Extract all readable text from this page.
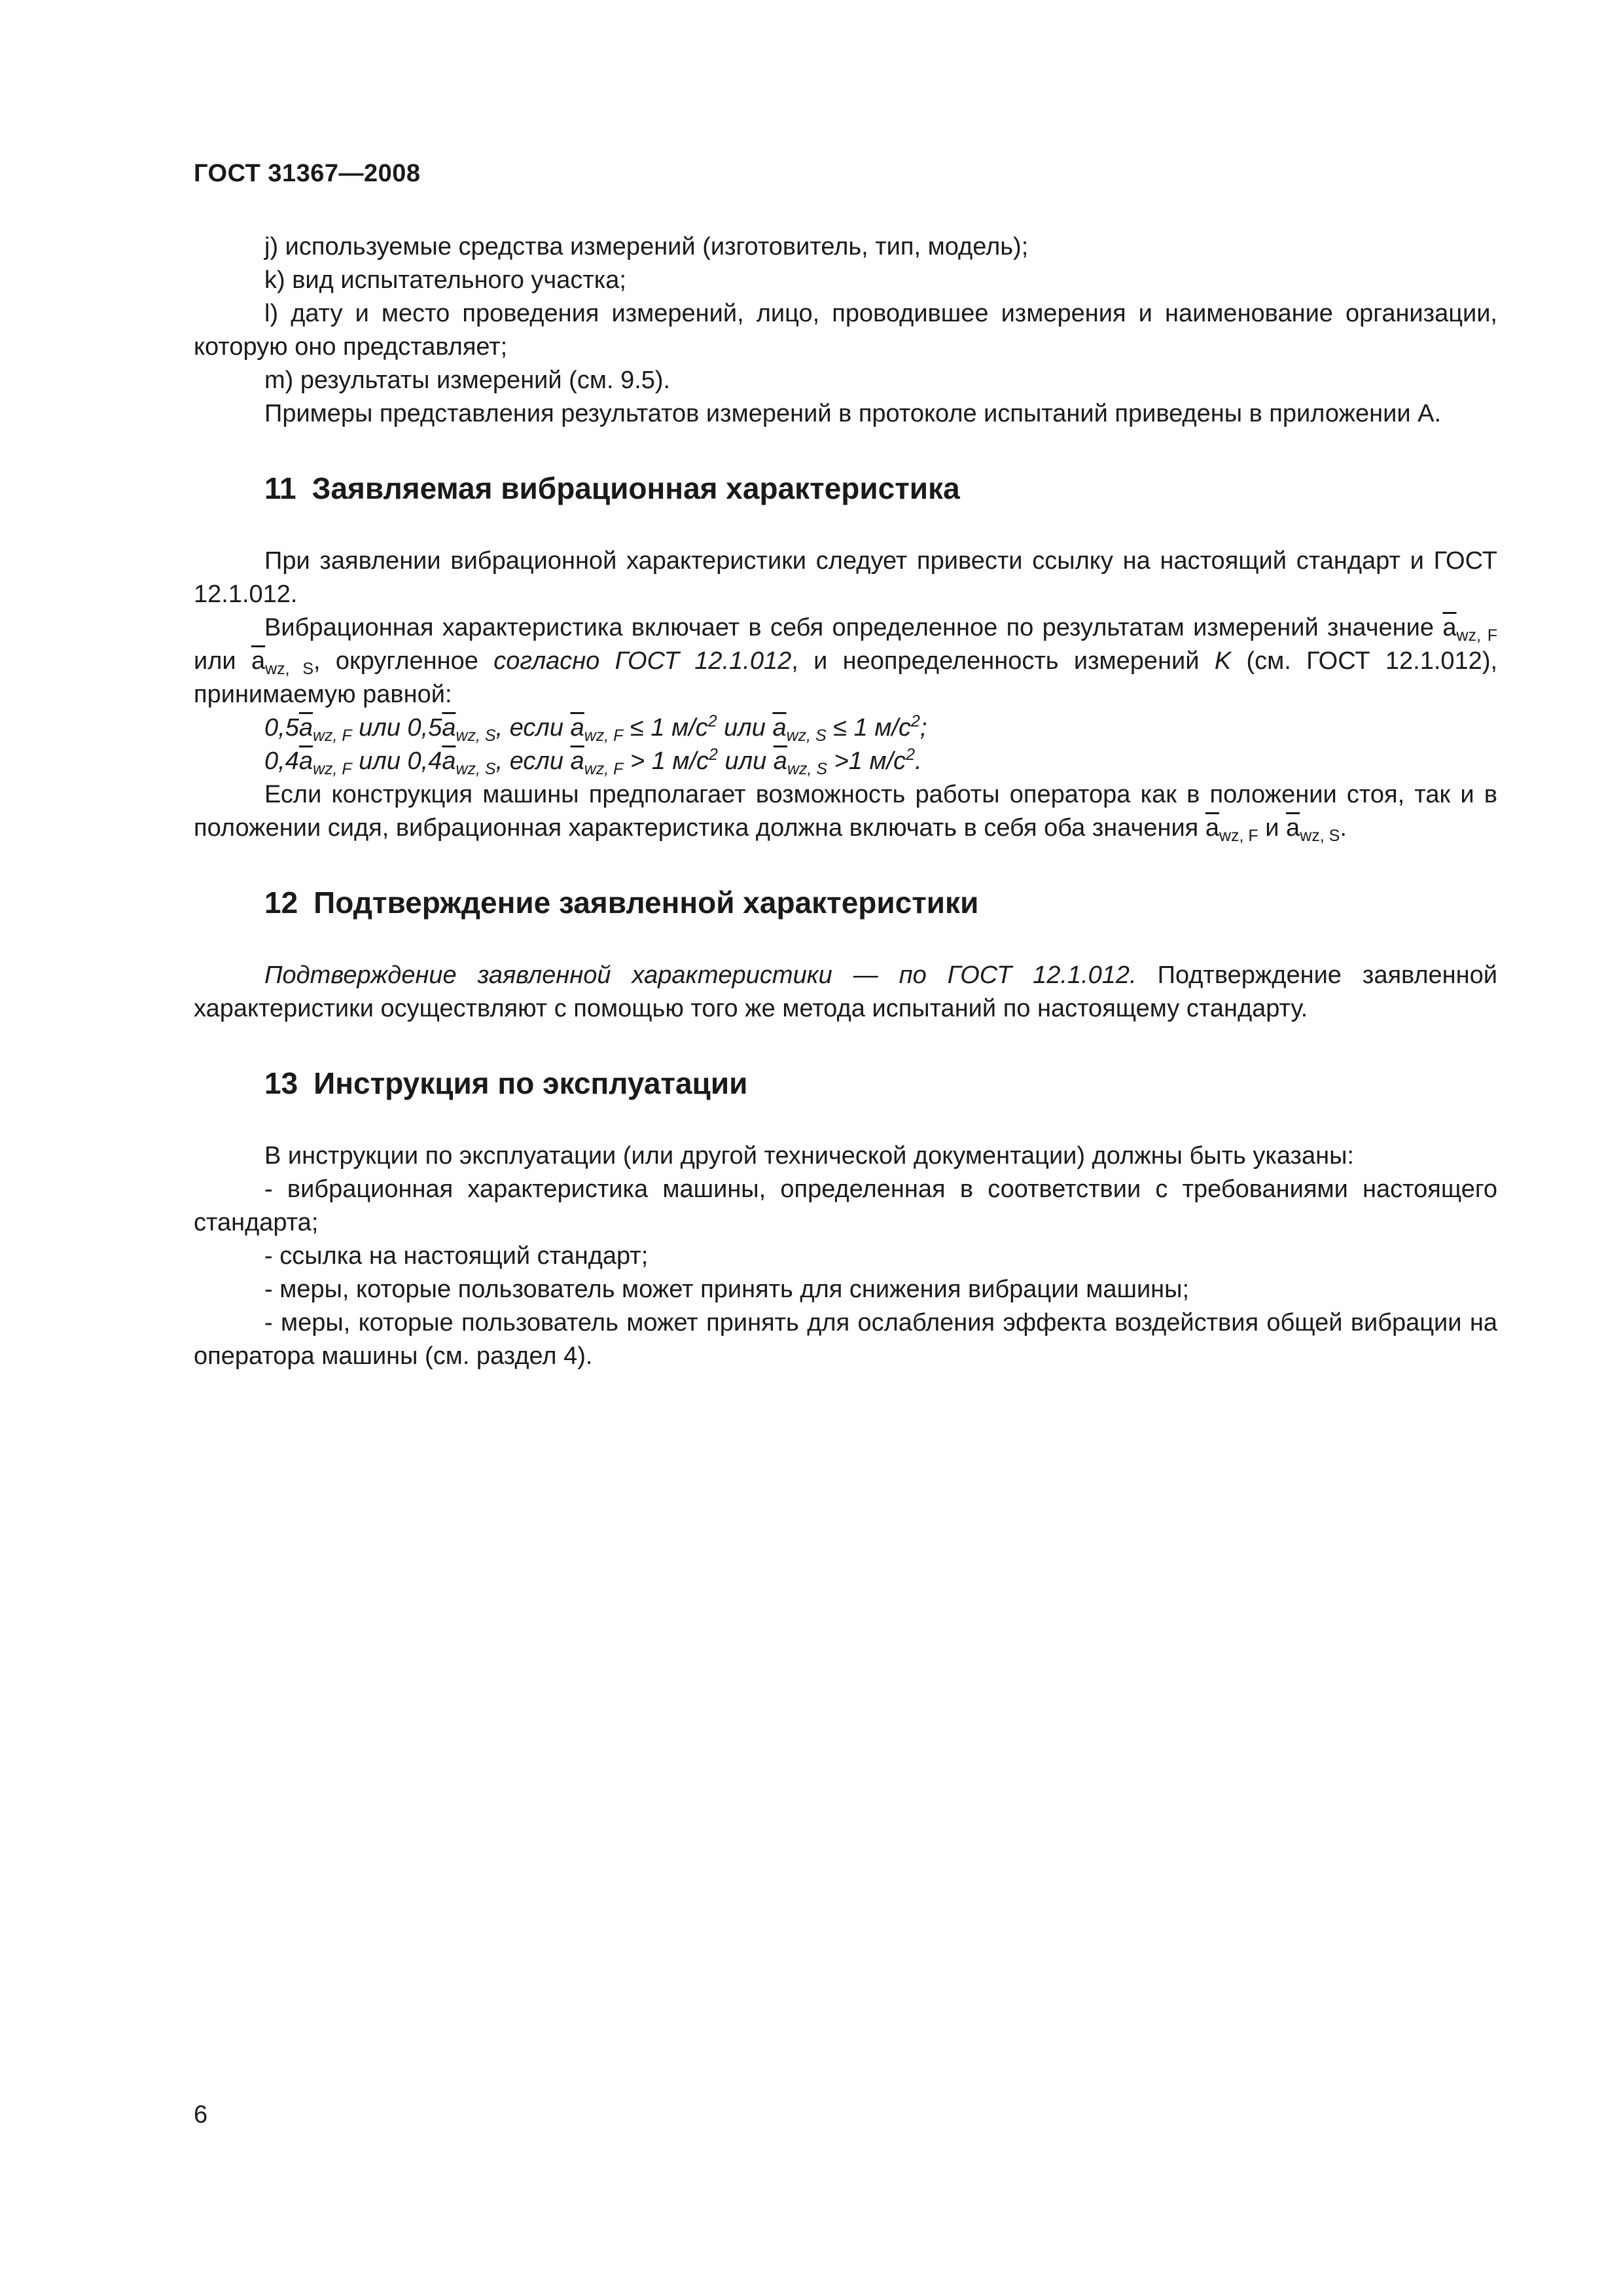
ГОСТ 31367—2008

j) используемые средства измерений (изготовитель, тип, модель);

k) вид испытательного участка;

l) дату и место проведения измерений, лицо, проводившее измерения и наименование организации, которую оно представляет;

m) результаты измерений (см. 9.5).

Примеры представления результатов измерений в протоколе испытаний приведены в приложении А.

11 Заявляемая вибрационная характеристика

При заявлении вибрационной характеристики следует привести ссылку на настоящий стандарт и ГОСТ 12.1.012.

Вибрационная характеристика включает в себя определенное по результатам измерений значение $\overline{a}_{wz, F}$ или $\overline{a}_{wz, S}$, округленное согласно ГОСТ 12.1.012, и неопределенность измерений K (см. ГОСТ 12.1.012), принимаемую равной:

$0,5\overline{a}_{wz, F}$ или $0,5\overline{a}_{wz, S}$, если $\overline{a}_{wz, F} \le 1$ $м/с^2$ или $\overline{a}_{wz, S} \le 1$ $м/с^2$;

$0,4\overline{a}_{wz, F}$ или $0,4\overline{a}_{wz, S}$, если $\overline{a}_{wz, F} > 1$ $м/с^2$ или $\overline{a}_{wz, S} >1$ $м/с^2$.

Если конструкция машины предполагает возможность работы оператора как в положении стоя, так и в положении сидя, вибрационная характеристика должна включать в себя оба значения $\overline{a}_{wz, F}$ и $\overline{a}_{wz, S}$.

12 Подтверждение заявленной характеристики

Подтверждение заявленной характеристики — по ГОСТ 12.1.012. Подтверждение заявленной характеристики осуществляют с помощью того же метода испытаний по настоящему стандарту.

13 Инструкция по эксплуатации

В инструкции по эксплуатации (или другой технической документации) должны быть указаны:

- вибрационная характеристика машины, определенная в соответствии с требованиями настоящего стандарта;

- ссылка на настоящий стандарт;

- меры, которые пользователь может принять для снижения вибрации машины;

- меры, которые пользователь может принять для ослабления эффекта воздействия общей вибрации на оператора машины (см. раздел 4).

6
